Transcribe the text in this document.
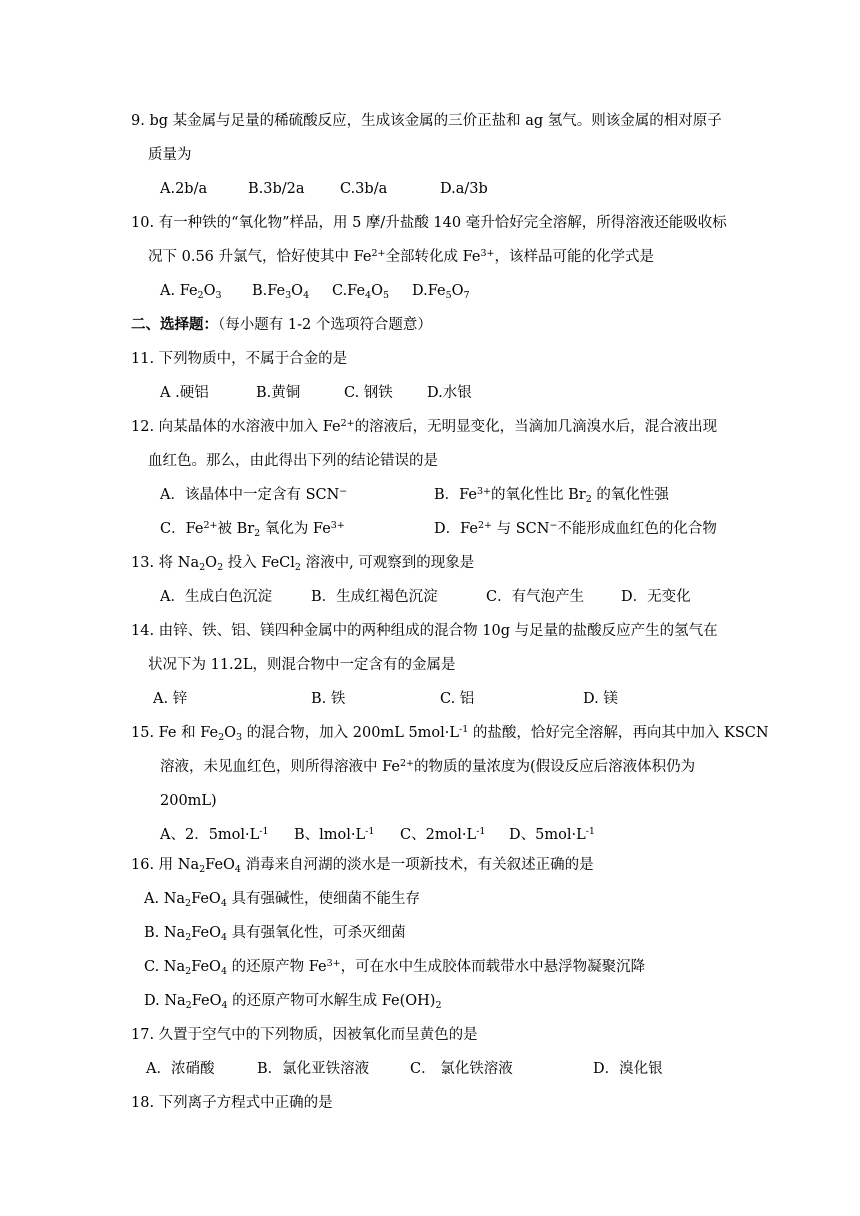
9. bg 某金属与足量的稀硫酸反应，生成该金属的三价正盐和 ag 氢气。则该金属的相对原子
质量为
A.2b/a	B.3b/2a C.3b/a	D.a/3b
10. 有一种铁的“氧化物”样品，用 5 摩/升盐酸 140 毫升恰好完全溶解，所得溶液还能吸收标
况下 0.56 升氯气，恰好使其中 $Fe^{2+}$全部转化成 $Fe^{3+}$，该样品可能的化学式是
A. $Fe_2O_3$ $B.Fe_3O_4$ $C.Fe_4O_5$ $D.Fe_5O_7$
二、选择题：（每小题有 1-2 个选项符合题意）
11. 下列物质中，不属于合金的是
A .硬铝	B.黄铜	C. 钢铁 D.水银
12. 向某晶体的水溶液中加入 $Fe^{2+}$的溶液后，无明显变化，当滴加几滴溴水后，混合液出现
血红色。那么，由此得出下列的结论错误的是
A．该晶体中一定含有 SCN−	B．$Fe^{3+}$的氧化性比 $Br_2$ 的氧化性强
C．$Fe^{2+}$被 $Br_2$ 氧化为 $Fe^{3+}$	D．$Fe^{2+}$ 与 SCN−不能形成血红色的化合物
13. 将 $Na_2O_2$ 投入 FeCl$_2$ 溶液中, 可观察到的现象是
A．生成白色沉淀	B．生成红褐色沉淀	C．有气泡产生	D．无变化
14. 由锌、铁、铝、镁四种金属中的两种组成的混合物 10g 与足量的盐酸反应产生的氢气在
状况下为 11.2L，则混合物中一定含有的金属是
A. 锌	B. 铁	C. 铝	D. 镁
15. Fe 和 $Fe_2O_3$ 的混合物，加入 200mL $5mol\cdot L^{-1}$ 的盐酸，恰好完全溶解，再向其中加入 KSCN
溶液，未见血红色，则所得溶液中 $Fe^{2+}$的物质的量浓度为(假设反应后溶液体积仍为
200mL)
A、2．$5mol\cdot L^{-1}$ B、$lmol\cdot L^{-1}$ C、$2mol\cdot L^{-1}$ D、$5mol\cdot L^{-1}$
16. 用 $Na_2FeO_4$ 消毒来自河湖的淡水是一项新技术，有关叙述正确的是
A. $Na_2FeO_4$ 具有强碱性，使细菌不能生存
B. $Na_2FeO_4$ 具有强氧化性，可杀灭细菌
C. $Na_2FeO_4$ 的还原产物 $Fe^{3+}$，可在水中生成胶体而载带水中悬浮物凝聚沉降
D. $Na_2FeO_4$ 的还原产物可水解生成 $Fe(OH)_2$
17. 久置于空气中的下列物质，因被氧化而呈黄色的是
A．浓硝酸	B．氯化亚铁溶液	C． 氯化铁溶液	D．溴化银
18. 下列离子方程式中正确的是
